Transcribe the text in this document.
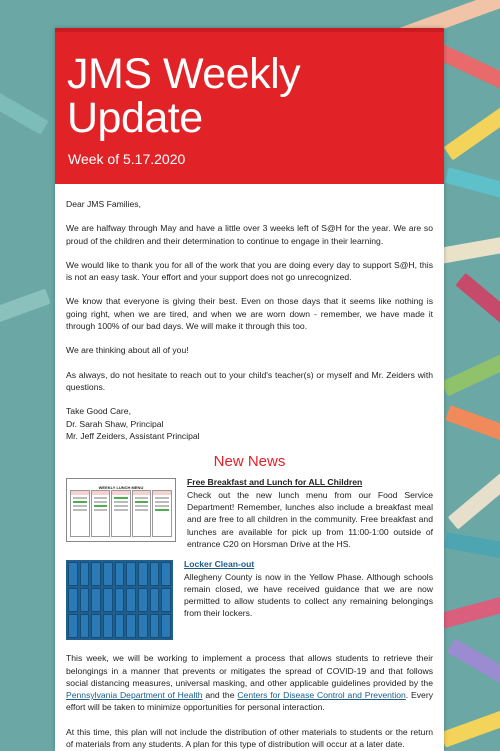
JMS Weekly Update
Week of 5.17.2020

Dear JMS Families,

We are halfway through May and have a little over 3 weeks left of S@H for the year. We are so proud of the children and their determination to continue to engage in their learning.

We would like to thank you for all of the work that you are doing every day to support S@H, this is not an easy task. Your effort and your support does not go unrecognized.

We know that everyone is giving their best. Even on those days that it seems like nothing is going right, when we are tired, and when we are worn down - remember, we have made it through 100% of our bad days. We will make it through this too.

We are thinking about all of you!

As always, do not hesitate to reach out to your child's teacher(s) or myself and Mr. Zeiders with questions.

Take Good Care,

Dr. Sarah Shaw, Principal

Mr. Jeff Zeiders, Assistant Principal

New News
WEEKLY LUNCH MENU

Free Breakfast and Lunch for ALL Children

Check out the new lunch menu from our Food Service Department! Remember, lunches also include a breakfast meal and are free to all children in the community. Free breakfast and lunches are available for pick up from 11:00-1:00 outside of entrance C20 on Horsman Drive at the HS.

Locker Clean-out

Allegheny County is now in the Yellow Phase. Although schools remain closed, we have received guidance that we are now permitted to allow students to collect any remaining belongings from their lockers.

This week, we will be working to implement a process that allows students to retrieve their belongings in a manner that prevents or mitigates the spread of COVID-19 and that follows social distancing measures, universal masking, and other applicable guidelines provided by the Pennsylvania Department of Health and the Centers for Disease Control and Prevention. Every effort will be taken to minimize opportunities for personal interaction.

At this time, this plan will not include the distribution of other materials to students or the return of materials from any students. A plan for this type of distribution will occur at a later date.
